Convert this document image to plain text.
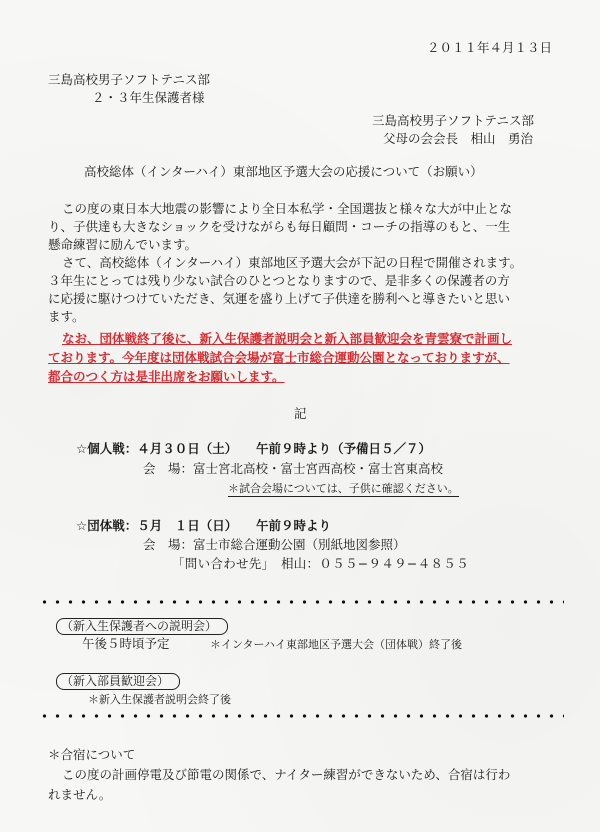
２０１１年４月１３日
三島高校男子ソフトテニス部
２・３年生保護者様
三島高校男子ソフトテニス部
父母の会会長　相山　勇治
高校総体（インターハイ）東部地区予選大会の応援について（お願い）
この度の東日本大地震の影響により全日本私学・全国選抜と様々な大が中止とな
り、子供達も大きなショックを受けながらも毎日顧問・コーチの指導のもと、一生
懸命練習に励んでいます。
さて、高校総体（インターハイ）東部地区予選大会が下記の日程で開催されます。
３年生にとっては残り少ない試合のひとつとなりますので、是非多くの保護者の方
に応援に駆けつけていただき、気運を盛り上げて子供達を勝利へと導きたいと思い
ます。
なお、団体戦終了後に、新入生保護者説明会と新入部員歓迎会を青雲寮で計画し
ております。今年度は団体戦試合会場が富士市総合運動公園となっておりますが、
都合のつく方は是非出席をお願いします。
記
☆個人戦：４月３０日（土）　　午前９時より（予備日５／７）
会　場：富士宮北高校・富士宮西高校・富士宮東高校
＊試合会場については、子供に確認ください。
☆団体戦：５月　１日（日）　　午前９時より
会　場：富士市総合運動公園（別紙地図参照）
「問い合わせ先」　相山：０５５−９４９−４８５５
（新入生保護者への説明会）
午後５時頃予定	＊インターハイ東部地区予選大会（団体戦）終了後
（新入部員歓迎会）
＊新入生保護者説明会終了後
＊合宿について
この度の計画停電及び節電の関係で、ナイター練習ができないため、合宿は行わ
れません。
